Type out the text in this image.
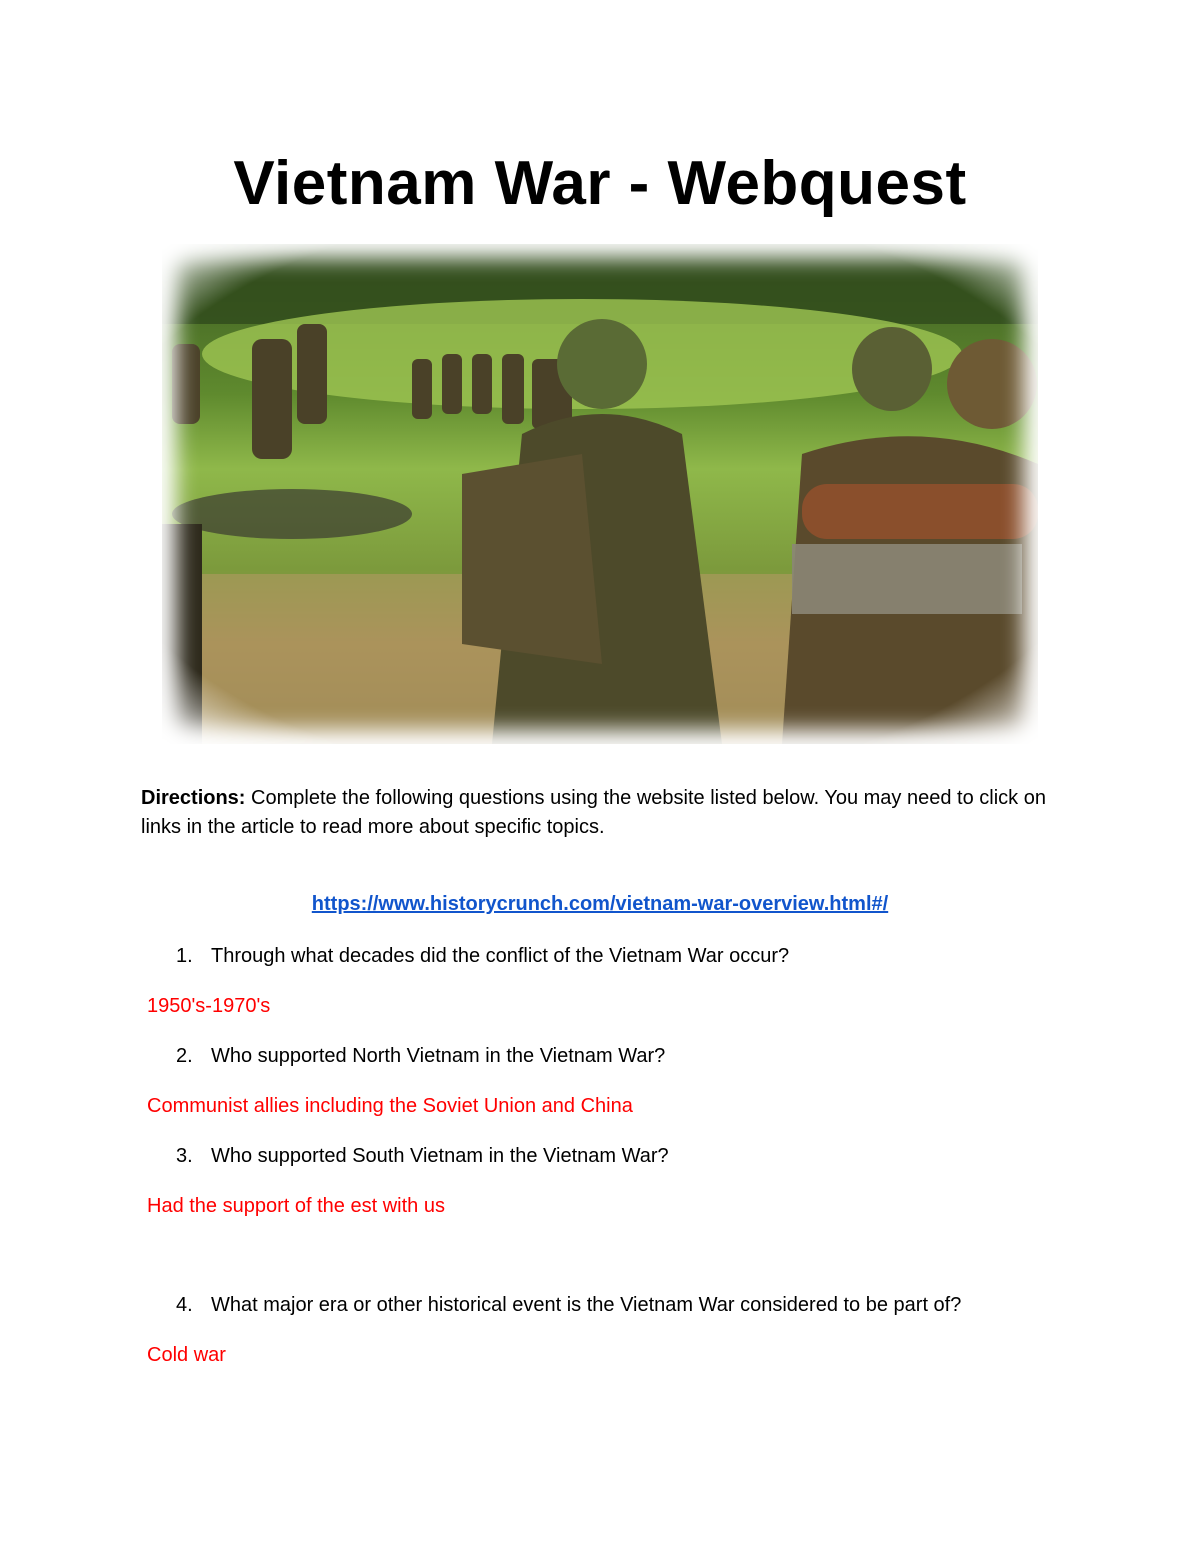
Vietnam War - Webquest
Directions: Complete the following questions using the website listed below. You may need to click on links in the article to read more about specific topics.
https://www.historycrunch.com/vietnam-war-overview.html#/
1. Through what decades did the conflict of the Vietnam War occur?
1950's-1970's
2. Who supported North Vietnam in the Vietnam War?
Communist allies including the Soviet Union and China
3. Who supported South Vietnam in the Vietnam War?
Had the support of the est with us
4. What major era or other historical event is the Vietnam War considered to be part of?
Cold war
